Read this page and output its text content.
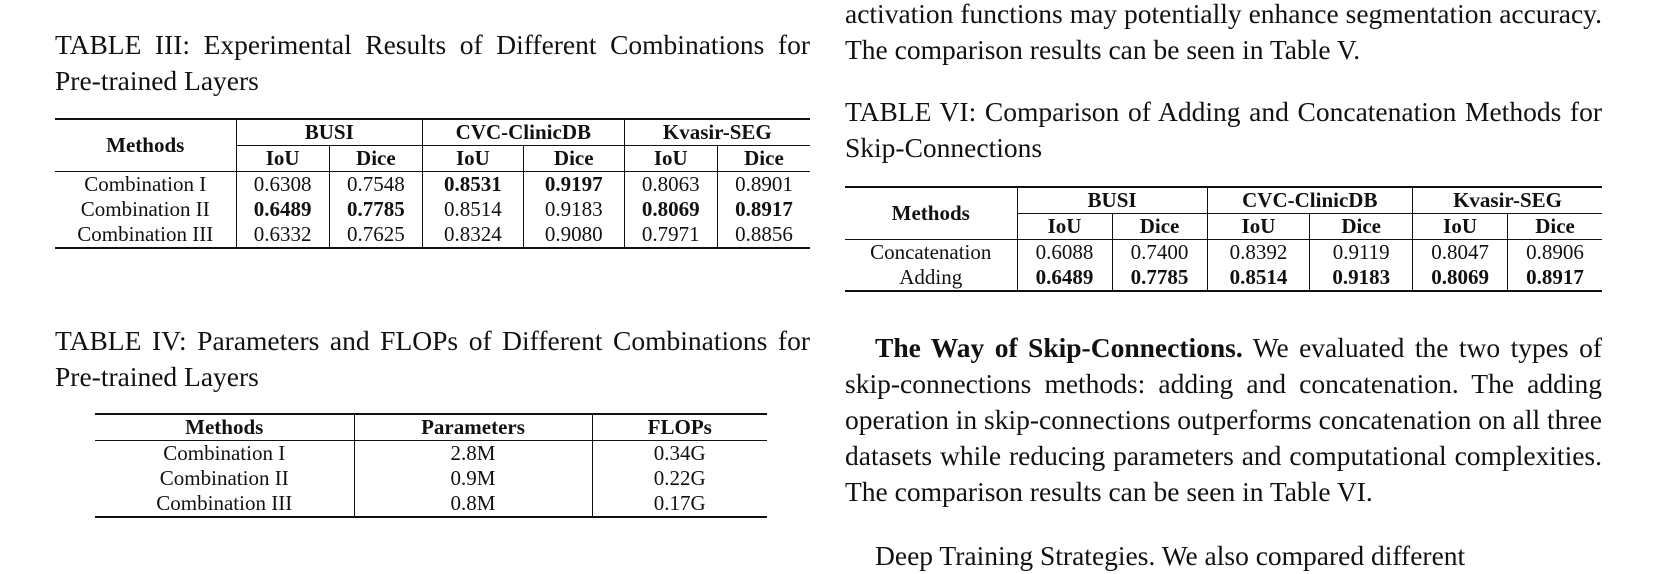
TABLE III: Experimental Results of Different Combinations for Pre-trained Layers

Methods	BUSI		CVC-ClinicDB		Kvasir-SEG	
	IoU	Dice	IoU	Dice	IoU	Dice
Combination I	0.6308	0.7548	0.8531	0.9197	0.8063	0.8901
Combination II	0.6489	0.7785	0.8514	0.9183	0.8069	0.8917
Combination III	0.6332	0.7625	0.8324	0.9080	0.7971	0.8856

TABLE IV: Parameters and FLOPs of Different Combinations for Pre-trained Layers

Methods	Parameters	FLOPs
Combination I	2.8M	0.34G
Combination II	0.9M	0.22G
Combination III	0.8M	0.17G

activation functions may potentially enhance segmentation accuracy. The comparison results can be seen in Table V.

TABLE VI: Comparison of Adding and Concatenation Methods for Skip-Connections

Methods	BUSI		CVC-ClinicDB		Kvasir-SEG	
	IoU	Dice	IoU	Dice	IoU	Dice
Concatenation	0.6088	0.7400	0.8392	0.9119	0.8047	0.8906
Adding	0.6489	0.7785	0.8514	0.9183	0.8069	0.8917

The Way of Skip-Connections. We evaluated the two types of skip-connections methods: adding and concatenation. The adding operation in skip-connections outperforms concatenation on all three datasets while reducing parameters and computational complexities. The comparison results can be seen in Table VI.

Deep Training Strategies. We also compared different
